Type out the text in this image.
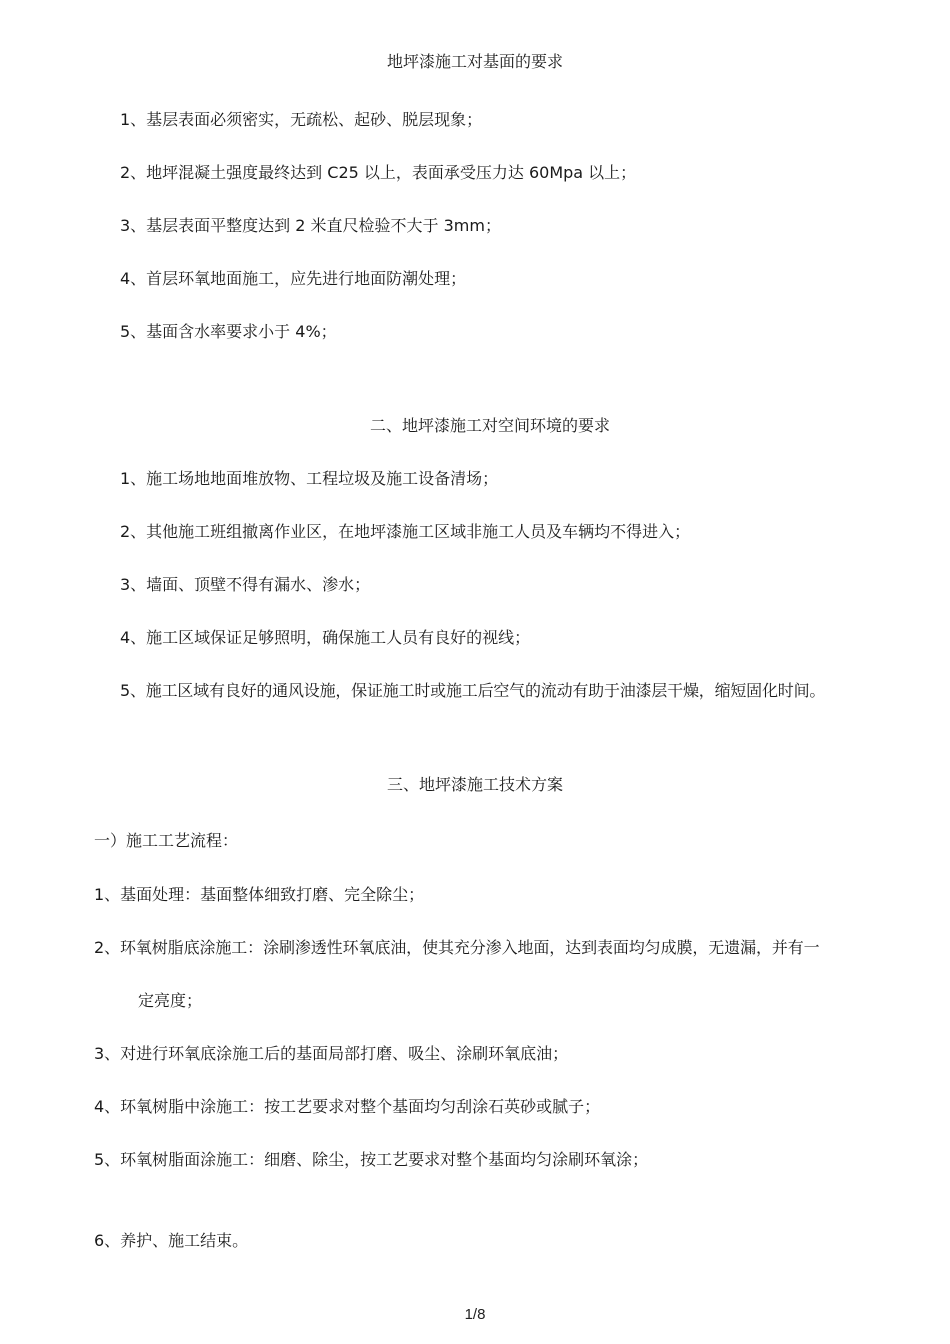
地坪漆施工对基面的要求
1、基层表面必须密实，无疏松、起砂、脱层现象；
2、地坪混凝土强度最终达到 C25 以上，表面承受压力达 60Mpa 以上；
3、基层表面平整度达到 2 米直尺检验不大于 3mm；
4、首层环氧地面施工，应先进行地面防潮处理；
5、基面含水率要求小于 4%；
二、地坪漆施工对空间环境的要求
1、施工场地地面堆放物、工程垃圾及施工设备清场；
2、其他施工班组撤离作业区，在地坪漆施工区域非施工人员及车辆均不得进入；
3、墙面、顶壁不得有漏水、渗水；
4、施工区域保证足够照明，确保施工人员有良好的视线；
5、施工区域有良好的通风设施，保证施工时或施工后空气的流动有助于油漆层干燥，缩短固化时间。
三、地坪漆施工技术方案
一）施工工艺流程：
1、基面处理：基面整体细致打磨、完全除尘；
2、环氧树脂底涂施工：涂刷渗透性环氧底油，使其充分渗入地面，达到表面均匀成膜，无遗漏，并有一
定亮度；
3、对进行环氧底涂施工后的基面局部打磨、吸尘、涂刷环氧底油；
4、环氧树脂中涂施工：按工艺要求对整个基面均匀刮涂石英砂或腻子；
5、环氧树脂面涂施工：细磨、除尘，按工艺要求对整个基面均匀涂刷环氧涂；
6、养护、施工结束。
1/8
